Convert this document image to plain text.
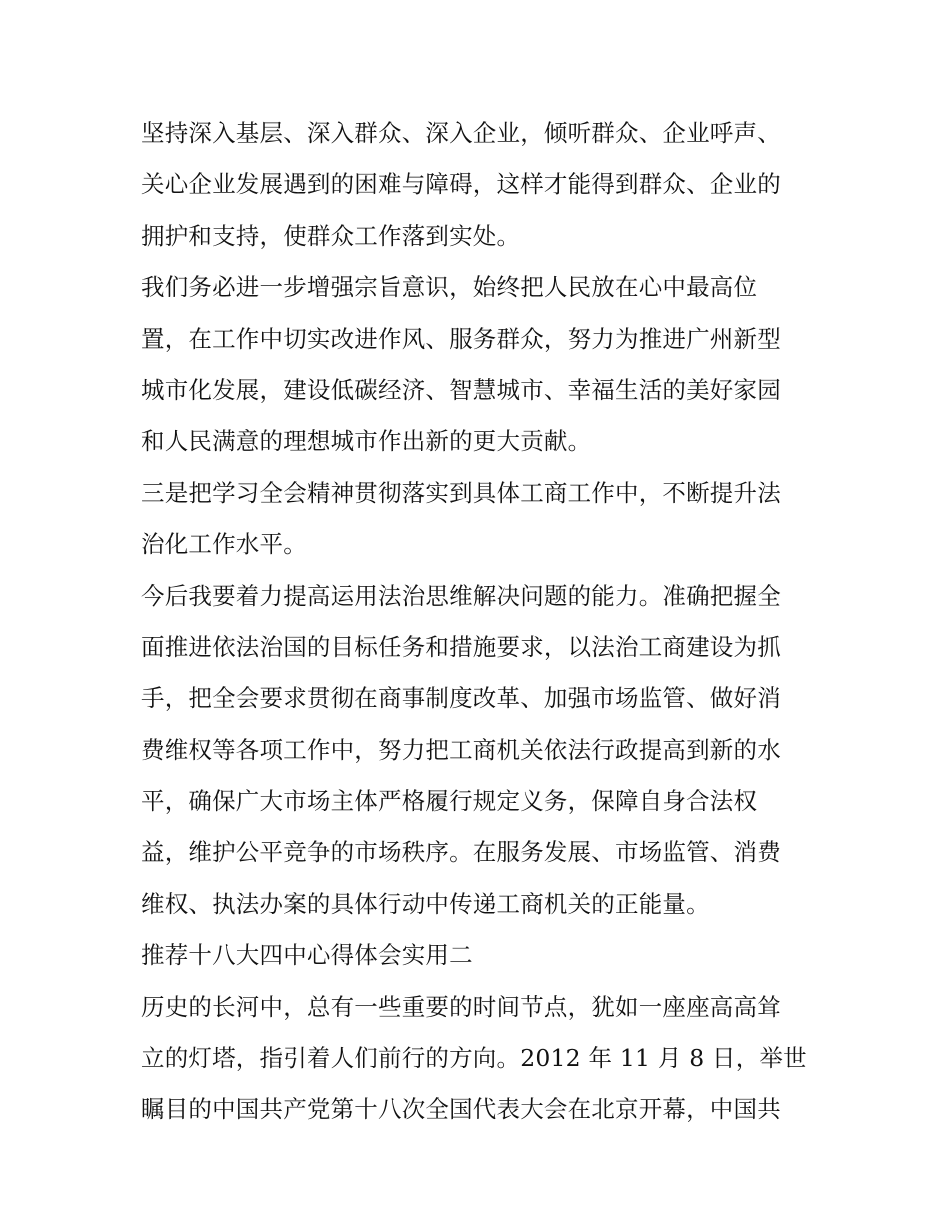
坚持深入基层、深入群众、深入企业，倾听群众、企业呼声、
关心企业发展遇到的困难与障碍，这样才能得到群众、企业的
拥护和支持，使群众工作落到实处。
我们务必进一步增强宗旨意识，始终把人民放在心中最高位
置，在工作中切实改进作风、服务群众，努力为推进广州新型
城市化发展，建设低碳经济、智慧城市、幸福生活的美好家园
和人民满意的理想城市作出新的更大贡献。
三是把学习全会精神贯彻落实到具体工商工作中，不断提升法
治化工作水平。
今后我要着力提高运用法治思维解决问题的能力。准确把握全
面推进依法治国的目标任务和措施要求，以法治工商建设为抓
手，把全会要求贯彻在商事制度改革、加强市场监管、做好消
费维权等各项工作中，努力把工商机关依法行政提高到新的水
平，确保广大市场主体严格履行规定义务，保障自身合法权
益，维护公平竞争的市场秩序。在服务发展、市场监管、消费
维权、执法办案的具体行动中传递工商机关的正能量。
推荐十八大四中心得体会实用二
历史的长河中，总有一些重要的时间节点，犹如一座座高高耸
立的灯塔，指引着人们前行的方向。2012 年 11 月 8 日，举世
瞩目的中国共产党第十八次全国代表大会在北京开幕，中国共
